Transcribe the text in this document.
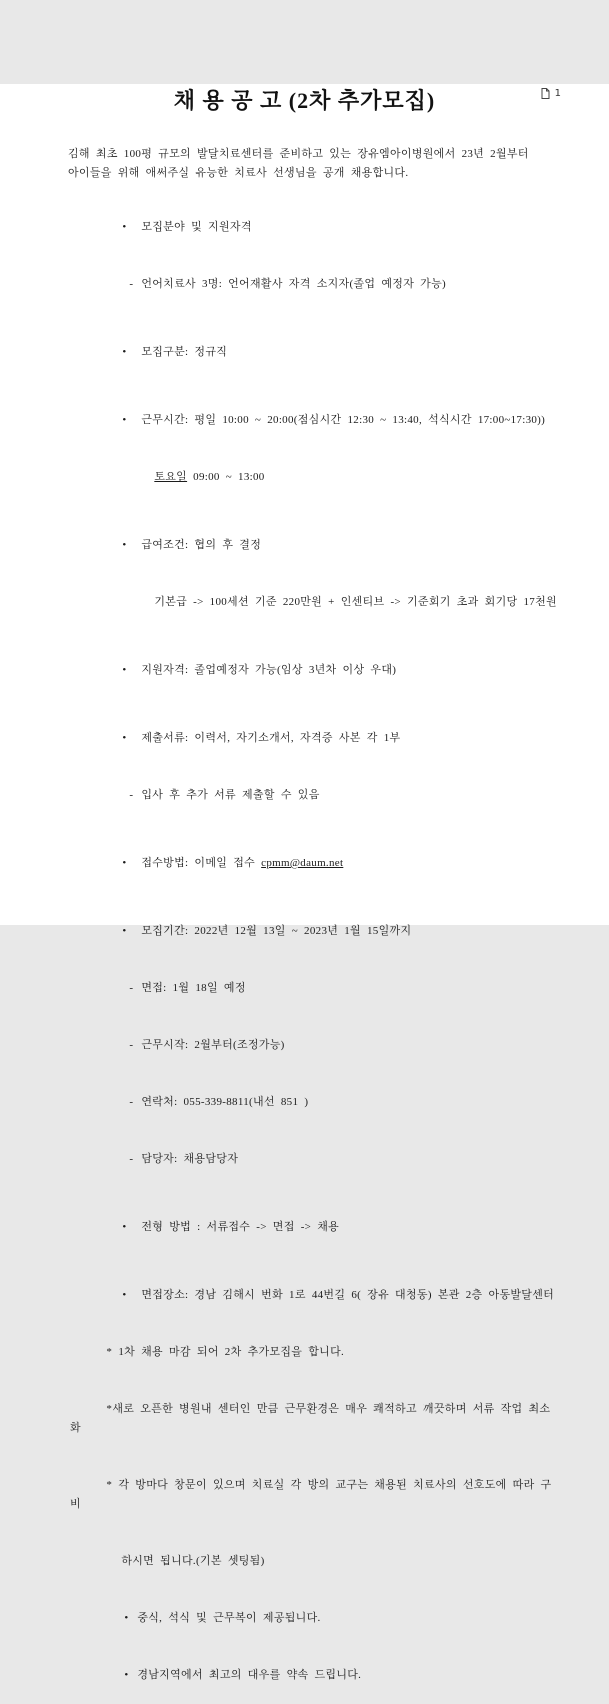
1
채 용 공 고 (2차 추가모집)
김해 최초 100평 규모의 발달치료센터를 준비하고 있는 장유엠아이병원에서 23년 2월부터
아이들을 위해 애써주실 유능한 치료사 선생님을 공개 채용합니다.

• 모집분야 및 지원자격

- 언어치료사 3명: 언어재활사 자격 소지자(졸업 예정자 가능)

• 모집구분: 정규직

• 근무시간: 평일 10:00 ~ 20:00(점심시간 12:30 ~ 13:40, 석식시간 17:00~17:30))

토요일 09:00 ~ 13:00

• 급여조건: 협의 후 결정

기본급 -> 100세션 기준 220만원 + 인센티브 -> 기준회기 초과 회기당 17천원

• 지원자격: 졸업예정자 가능(임상 3년차 이상 우대)

• 제출서류: 이력서, 자기소개서, 자격증 사본 각 1부

- 입사 후 추가 서류 제출할 수 있음

• 접수방법: 이메일 접수 cpmm@daum.net

• 모집기간: 2022년 12월 13일 ~ 2023년 1월 15일까지

- 면접: 1월 18일 예정

- 근무시작: 2월부터(조정가능)

- 연락처: 055-339-8811(내선 851 )

- 담당자: 채용담당자

• 전형 방법 : 서류접수 -> 면접 -> 채용

• 면접장소: 경남 김해시 번화 1로 44번길 6( 장유 대청동) 본관 2층 아동발달센터

* 1차 채용 마감 되어 2차 추가모집을 합니다.

*새로 오픈한 병원내 센터인 만큼 근무환경은 매우 쾌적하고 깨끗하며 서류 작업 최소화

* 각 방마다 창문이 있으며 치료실 각 방의 교구는 채용된 치료사의 선호도에 따라 구비

하시면 됩니다.(기본 셋팅됨)

• 중식, 석식 및 근무복이 제공됩니다.

• 경남지역에서 최고의 대우를 약속 드립니다.
